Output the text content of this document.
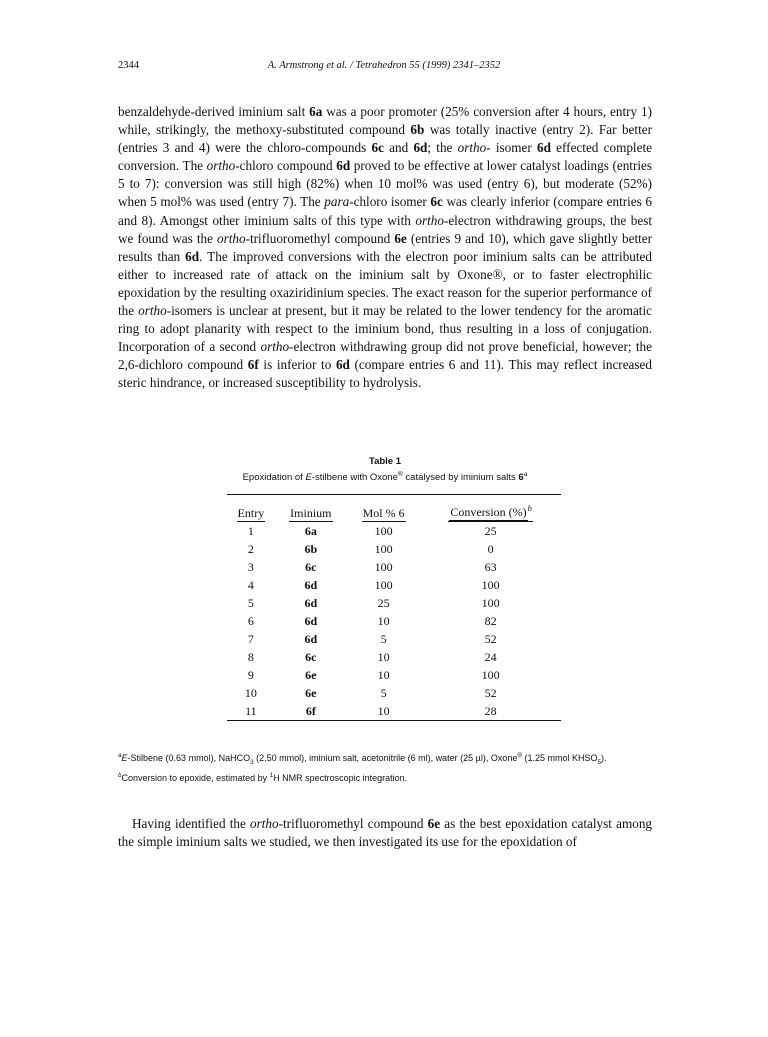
2344	A. Armstrong et al. / Tetrahedron 55 (1999) 2341–2352

benzaldehyde-derived iminium salt 6a was a poor promoter (25% conversion after 4 hours, entry 1) while, strikingly, the methoxy-substituted compound 6b was totally inactive (entry 2). Far better (entries 3 and 4) were the chloro-compounds 6c and 6d; the ortho- isomer 6d effected complete conversion. The ortho-chloro compound 6d proved to be effective at lower catalyst loadings (entries 5 to 7): conversion was still high (82%) when 10 mol% was used (entry 6), but moderate (52%) when 5 mol% was used (entry 7). The para-chloro isomer 6c was clearly inferior (compare entries 6 and 8). Amongst other iminium salts of this type with ortho-electron withdrawing groups, the best we found was the ortho-trifluoromethyl compound 6e (entries 9 and 10), which gave slightly better results than 6d. The improved conversions with the electron poor iminium salts can be attributed either to increased rate of attack on the iminium salt by Oxone®, or to faster electrophilic epoxidation by the resulting oxaziridinium species. The exact reason for the superior performance of the ortho-isomers is unclear at present, but it may be related to the lower tendency for the aromatic ring to adopt planarity with respect to the iminium bond, thus resulting in a loss of conjugation. Incorporation of a second ortho-electron withdrawing group did not prove beneficial, however; the 2,6-dichloro compound 6f is inferior to 6d (compare entries 6 and 11). This may reflect increased steric hindrance, or increased susceptibility to hydrolysis.

Table 1
Epoxidation of E-stilbene with Oxone® catalysed by iminium salts 6$^a$

Entry	Iminium	Mol % 6	Conversion (%)$^b$
1	6a	100	25
2	6b	100	0
3	6c	100	63
4	6d	100	100
5	6d	25	100
6	6d	10	82
7	6d	5	52
8	6c	10	24
9	6e	10	100
10	6e	5	52
11	6f	10	28
$^a$E-Stilbene (0.63 mmol), NaHCO$_3$ (2.50 mmol), iminium salt, acetonitrile (6 ml), water (25 µl), Oxone® (1.25 mmol $KHSO_5$). $^b$Conversion to epoxide, estimated by $^1$H NMR spectroscopic integration.

Having identified the ortho-trifluoromethyl compound 6e as the best epoxidation catalyst among the simple iminium salts we studied, we then investigated its use for the epoxidation of
